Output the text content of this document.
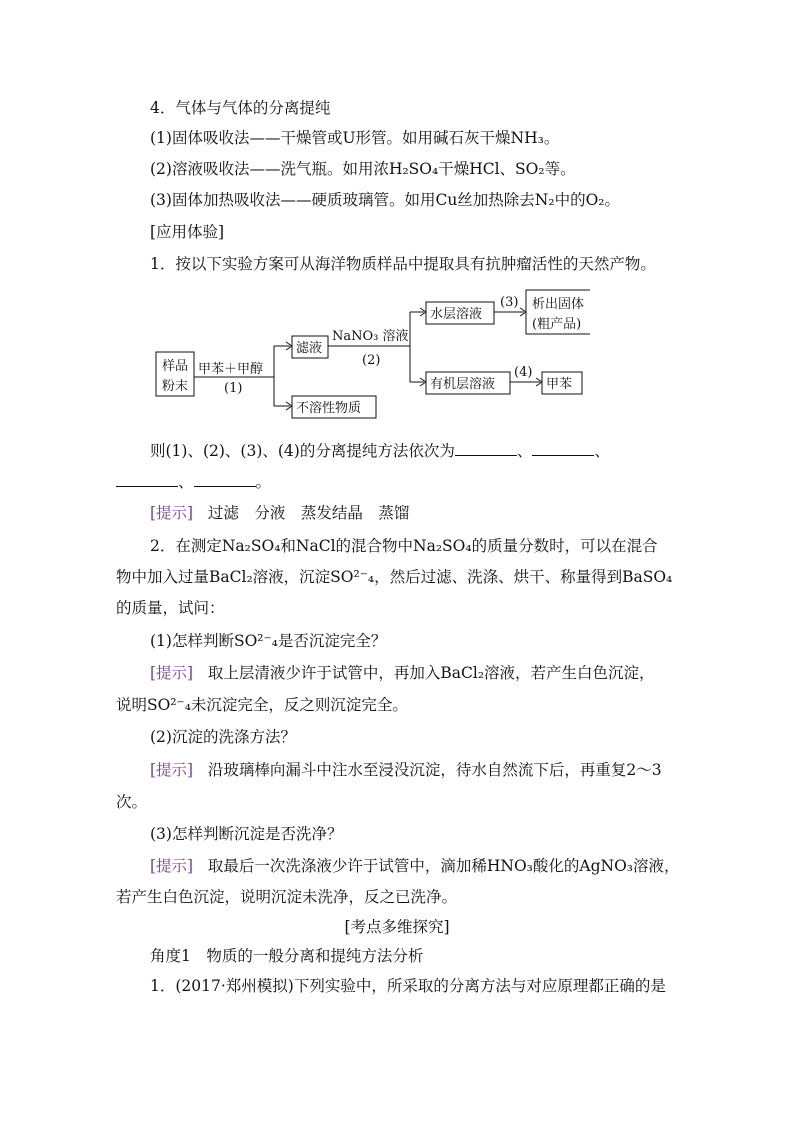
4．气体与气体的分离提纯
(1)固体吸收法——干燥管或U形管。如用碱石灰干燥NH₃。
(2)溶液吸收法——洗气瓶。如用浓H₂SO₄干燥HCl、SO₂等。
(3)固体加热吸收法——硬质玻璃管。如用Cu丝加热除去N₂中的O₂。
[应用体验]
1．按以下实验方案可从海洋物质样品中提取具有抗肿瘤活性的天然产物。
样品
粉末
甲苯＋甲醇
(1)
滤液
不溶性物质
NaNO₃ 溶液
(2)
水层溶液
(3) 析出固体
(粗产品)
有机层溶液
(4)
甲苯
则(1)、(2)、(3)、(4)的分离提纯方法依次为	、	、
、	。
[提示] 过滤　分液　蒸发结晶　蒸馏
2．在测定Na₂SO₄和NaCl的混合物中Na₂SO₄的质量分数时，可以在混合
物中加入过量BaCl₂溶液，沉淀SO²⁻₄，然后过滤、洗涤、烘干、称量得到BaSO₄
的质量，试问：
(1)怎样判断SO²⁻₄是否沉淀完全？
[提示] 取上层清液少许于试管中，再加入BaCl₂溶液，若产生白色沉淀，
说明SO²⁻₄未沉淀完全，反之则沉淀完全。
(2)沉淀的洗涤方法？
[提示] 沿玻璃棒向漏斗中注水至浸没沉淀，待水自然流下后，再重复2～3
次。
(3)怎样判断沉淀是否洗净？
[提示] 取最后一次洗涤液少许于试管中，滴加稀HNO₃酸化的AgNO₃溶液，
若产生白色沉淀，说明沉淀未洗净，反之已洗净。
[考点多维探究]
角度1　物质的一般分离和提纯方法分析
1．(2017·郑州模拟)下列实验中，所采取的分离方法与对应原理都正确的是
